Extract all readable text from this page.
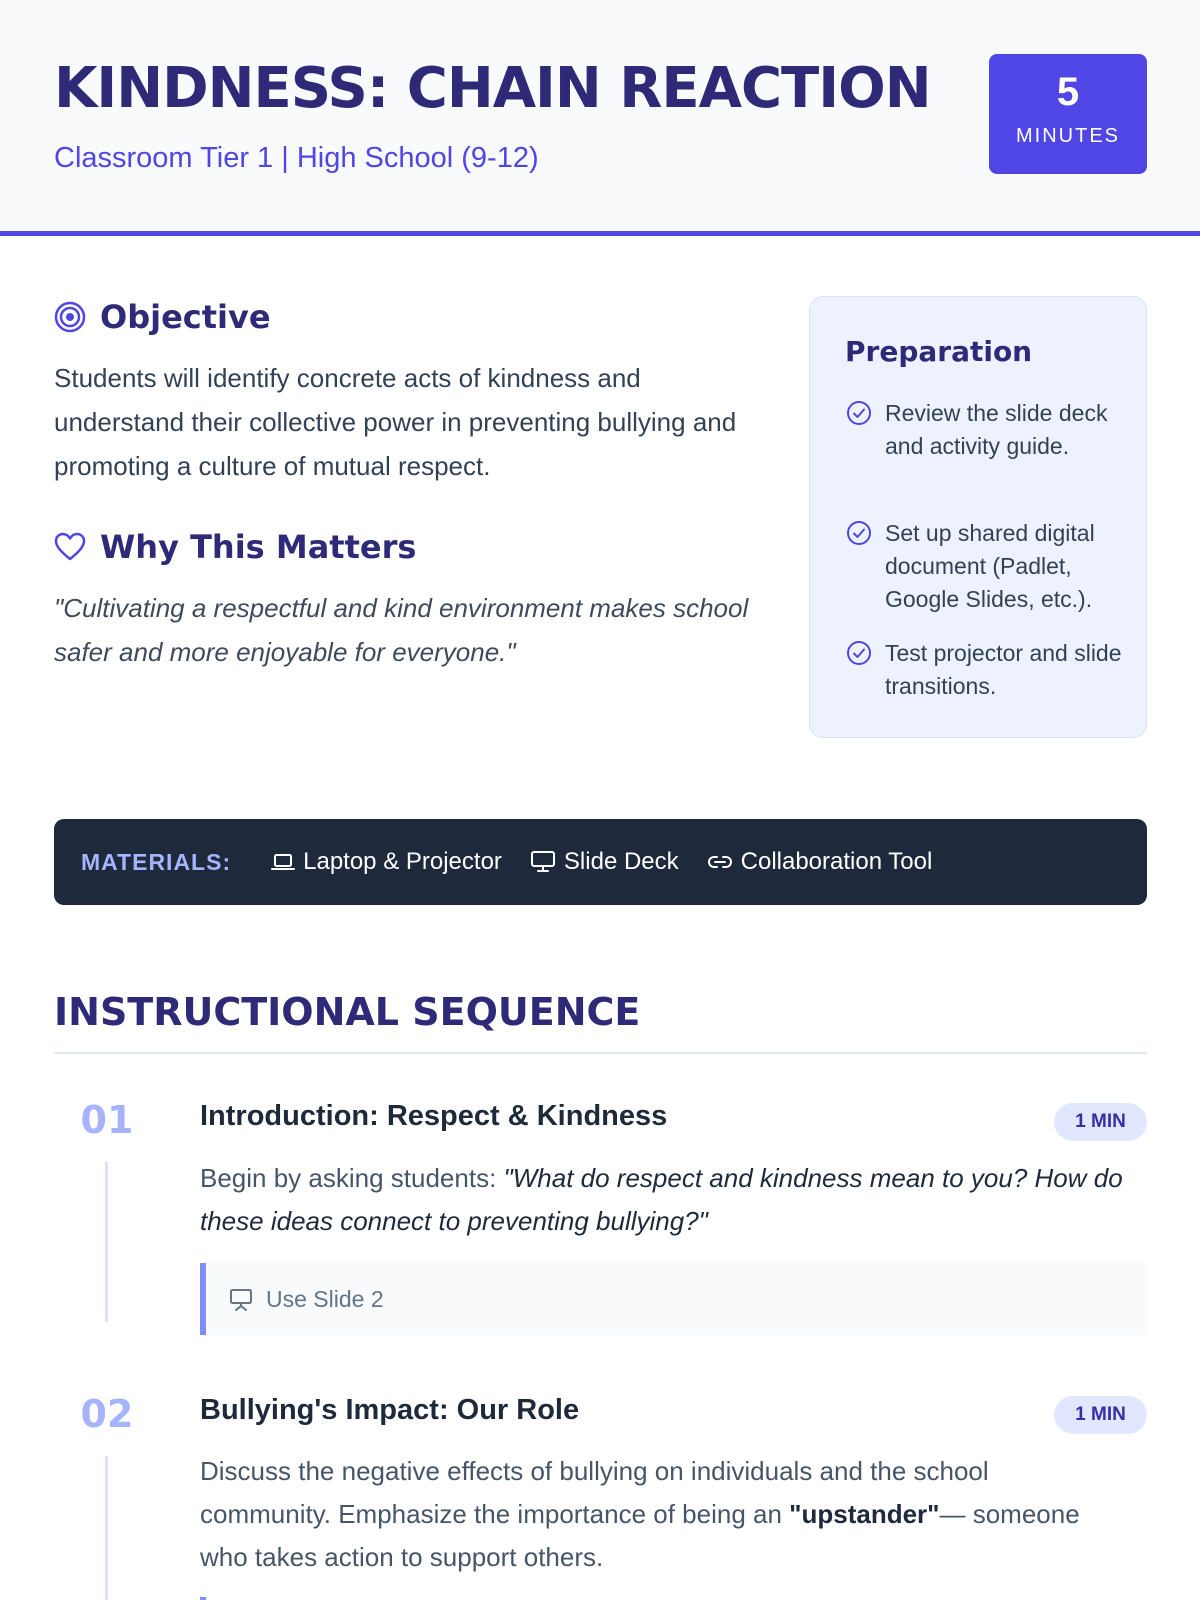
KINDNESS: CHAIN REACTION
Classroom Tier 1 | High School (9-12)
5
MINUTES
Objective

Students will identify concrete acts of kindness and understand their collective power in preventing bullying and promoting a culture of mutual respect.

Why This Matters

"Cultivating a respectful and kind environment makes school safer and more enjoyable for everyone."

Preparation
Review the slide deck and activity guide.
Set up shared digital document (Padlet, Google Slides, etc.).
Test projector and slide transitions.
MATERIALS:	Laptop & Projector	Slide Deck	Collaboration Tool
INSTRUCTIONAL SEQUENCE
01	Introduction: Respect & Kindness	1 MIN

Begin by asking students: "What do respect and kindness mean to you? How do these ideas connect to preventing bullying?"

Use Slide 2
02	Bullying's Impact: Our Role	1 MIN

Discuss the negative effects of bullying on individuals and the school community. Emphasize the importance of being an "upstander"— someone who takes action to support others.
